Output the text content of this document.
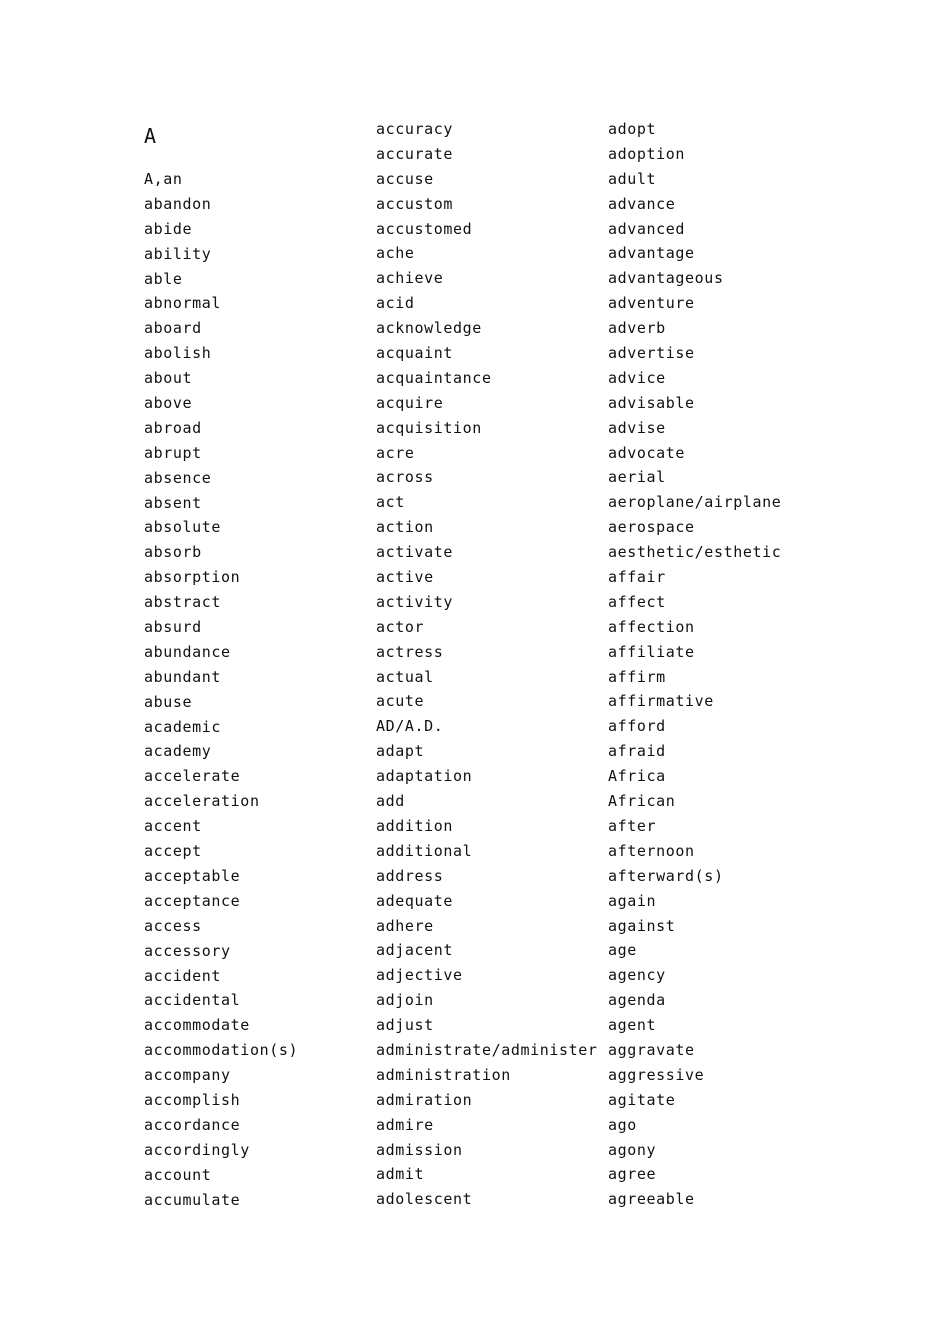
A
A,an
abandon
abide
ability
able
abnormal
aboard
abolish
about
above
abroad
abrupt
absence
absent
absolute
absorb
absorption
abstract
absurd
abundance
abundant
abuse
academic
academy
accelerate
acceleration
accent
accept
acceptable
acceptance
access
accessory
accident
accidental
accommodate
accommodation(s)
accompany
accomplish
accordance
accordingly
account
accumulate
accuracy
accurate
accuse
accustom
accustomed
ache
achieve
acid
acknowledge
acquaint
acquaintance
acquire
acquisition
acre
across
act
action
activate
active
activity
actor
actress
actual
acute
AD/A.D.
adapt
adaptation
add
addition
additional
address
adequate
adhere
adjacent
adjective
adjoin
adjust
administrate/administer
administration
admiration
admire
admission
admit
adolescent
adopt
adoption
adult
advance
advanced
advantage
advantageous
adventure
adverb
advertise
advice
advisable
advise
advocate
aerial
aeroplane/airplane
aerospace
aesthetic/esthetic
affair
affect
affection
affiliate
affirm
affirmative
afford
afraid
Africa
African
after
afternoon
afterward(s)
again
against
age
agency
agenda
agent
aggravate
aggressive
agitate
ago
agony
agree
agreeable
